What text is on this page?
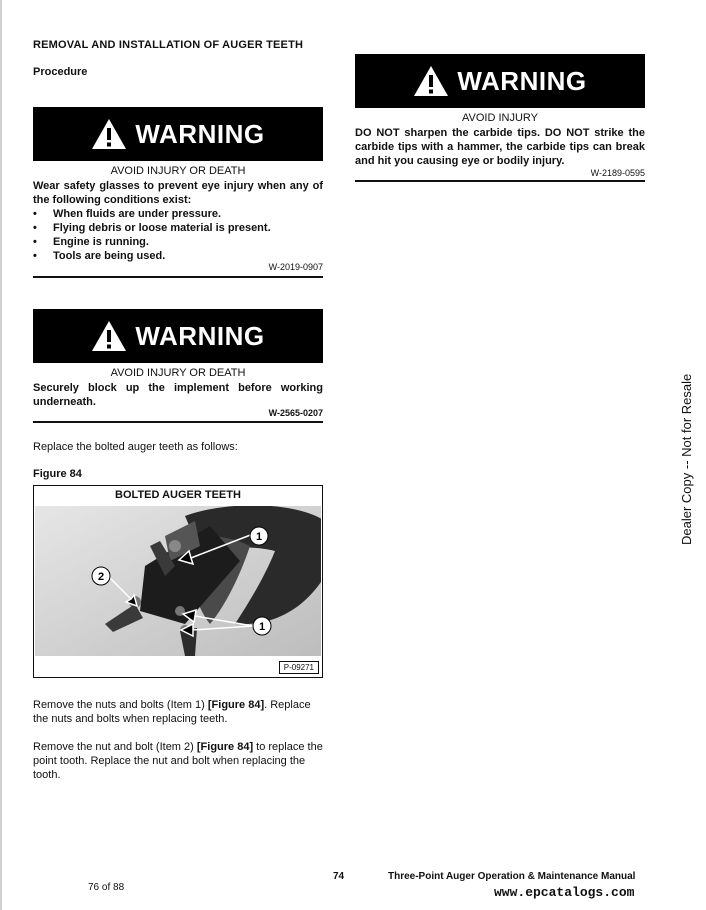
REMOVAL AND INSTALLATION OF AUGER TEETH
Procedure
WARNING
AVOID INJURY OR DEATH
Wear safety glasses to prevent eye injury when any of the following conditions exist:
• When fluids are under pressure.
• Flying debris or loose material is present.
• Engine is running.
• Tools are being used.
W-2019-0907
WARNING
AVOID INJURY OR DEATH
Securely block up the implement before working underneath.
W-2565-0207
WARNING
AVOID INJURY
DO NOT sharpen the carbide tips. DO NOT strike the carbide tips with a hammer, the carbide tips can break and hit you causing eye or bodily injury.
W-2189-0595
Replace the bolted auger teeth as follows:
Figure 84
BOLTED AUGER TEETH
1
2
1
P-09271
Remove the nuts and bolts (Item 1) [Figure 84]. Replace the nuts and bolts when replacing teeth.
Remove the nut and bolt (Item 2) [Figure 84] to replace the point tooth. Replace the nut and bolt when replacing the tooth.
Dealer Copy -- Not for Resale
74	Three-Point Auger Operation & Maintenance Manual
76 of 88	www.epcatalogs.com
